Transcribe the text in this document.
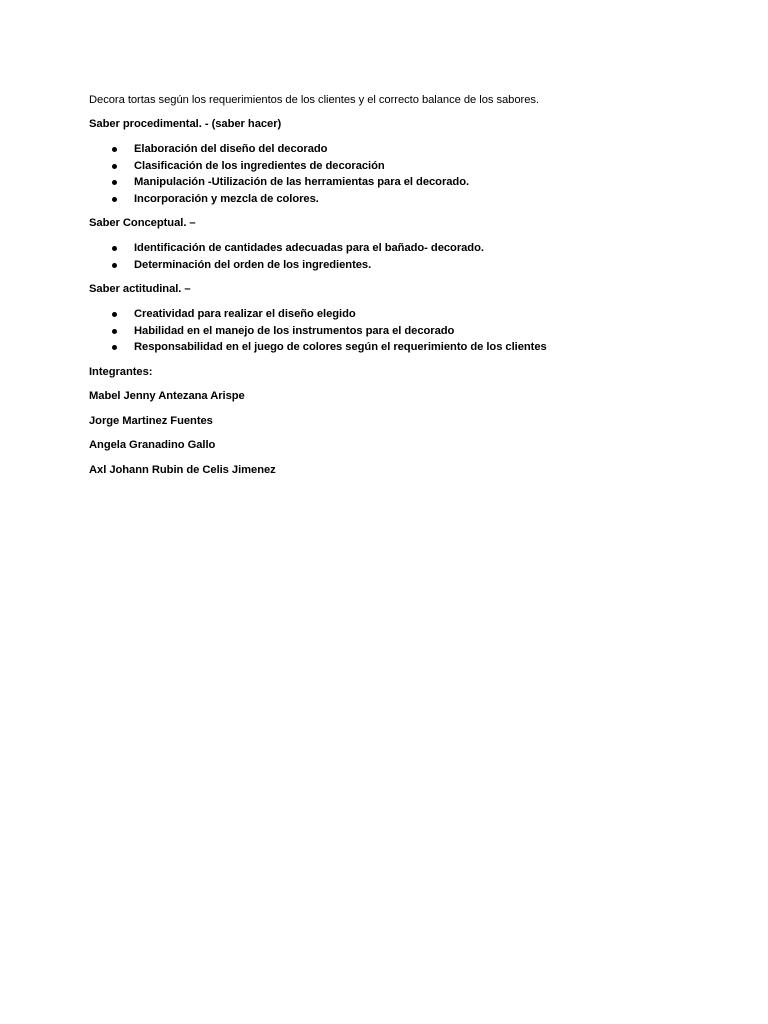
Decora tortas según los requerimientos de los clientes y el correcto balance de los sabores.

Saber procedimental. - (saber hacer)

Elaboración del diseño del decorado
Clasificación de los ingredientes de decoración
Manipulación -Utilización de las herramientas para el decorado.
Incorporación y mezcla de colores.

Saber Conceptual. –

Identificación de cantidades adecuadas para el bañado- decorado.
Determinación del orden de los ingredientes.

Saber actitudinal. –

Creatividad para realizar el diseño elegido
Habilidad en el manejo de los instrumentos para el decorado
Responsabilidad en el juego de colores según el requerimiento de los clientes

Integrantes:

Mabel Jenny Antezana Arispe

Jorge Martinez Fuentes

Angela Granadino Gallo

Axl Johann Rubin de Celis Jimenez
